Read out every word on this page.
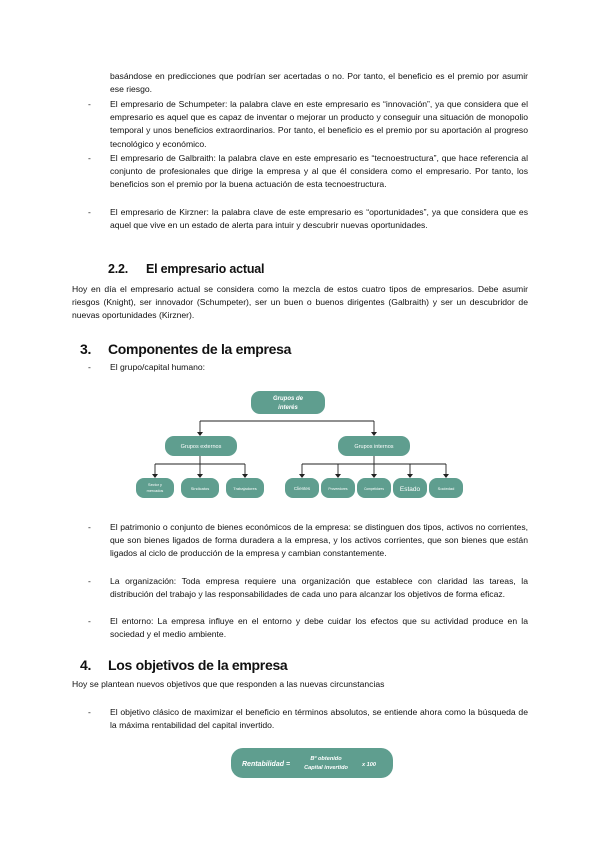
basándose en predicciones que podrían ser acertadas o no. Por tanto, el beneficio es el premio por asumir ese riesgo.
- El empresario de Schumpeter: la palabra clave en este empresario es “innovación”, ya que considera que el empresario es aquel que es capaz de inventar o mejorar un producto y conseguir una situación de monopolio temporal y unos beneficios extraordinarios. Por tanto, el beneficio es el premio por su aportación al progreso tecnológico y económico.
- El empresario de Galbraith: la palabra clave en este empresario es “tecnoestructura”, que hace referencia al conjunto de profesionales que dirige la empresa y al que él considera como el empresario. Por tanto, los beneficios son el premio por la buena actuación de esta tecnoestructura.
- El empresario de Kirzner: la palabra clave de este empresario es “oportunidades”, ya que considera que es aquel que vive en un estado de alerta para intuir y descubrir nuevas oportunidades.
2.2. El empresario actual
Hoy en día el empresario actual se considera como la mezcla de estos cuatro tipos de empresarios. Debe asumir riesgos (Knight), ser innovador (Schumpeter), ser un buen o buenos dirigentes (Galbraith) y ser un descubridor de nuevas oportunidades (Kirzner).
3. Componentes de la empresa
- El grupo/capital humano:
Grupos de
interés
Grupos externos	Grupos internos
Sector y
mercados	Sindicatos	Trabajadores	Clientes	Proveedores	Competidores Estado	Sociedad
- El patrimonio o conjunto de bienes económicos de la empresa: se distinguen dos tipos, activos no corrientes, que son bienes ligados de forma duradera a la empresa, y los activos corrientes, que son bienes que están ligados al ciclo de producción de la empresa y cambian constantemente.
- La organización: Toda empresa requiere una organización que establece con claridad las tareas, la distribución del trabajo y las responsabilidades de cada uno para alcanzar los objetivos de forma eficaz.
- El entorno: La empresa influye en el entorno y debe cuidar los efectos que su actividad produce en la sociedad y el medio ambiente.
4. Los objetivos de la empresa
Hoy se plantean nuevos objetivos que que responden a las nuevas circunstancias
- El objetivo clásico de maximizar el beneficio en términos absolutos, se entiende ahora como la búsqueda de la máxima rentabilidad del capital invertido.
Rentabilidad =
Bº obtenido
Capital invertido	x 100
